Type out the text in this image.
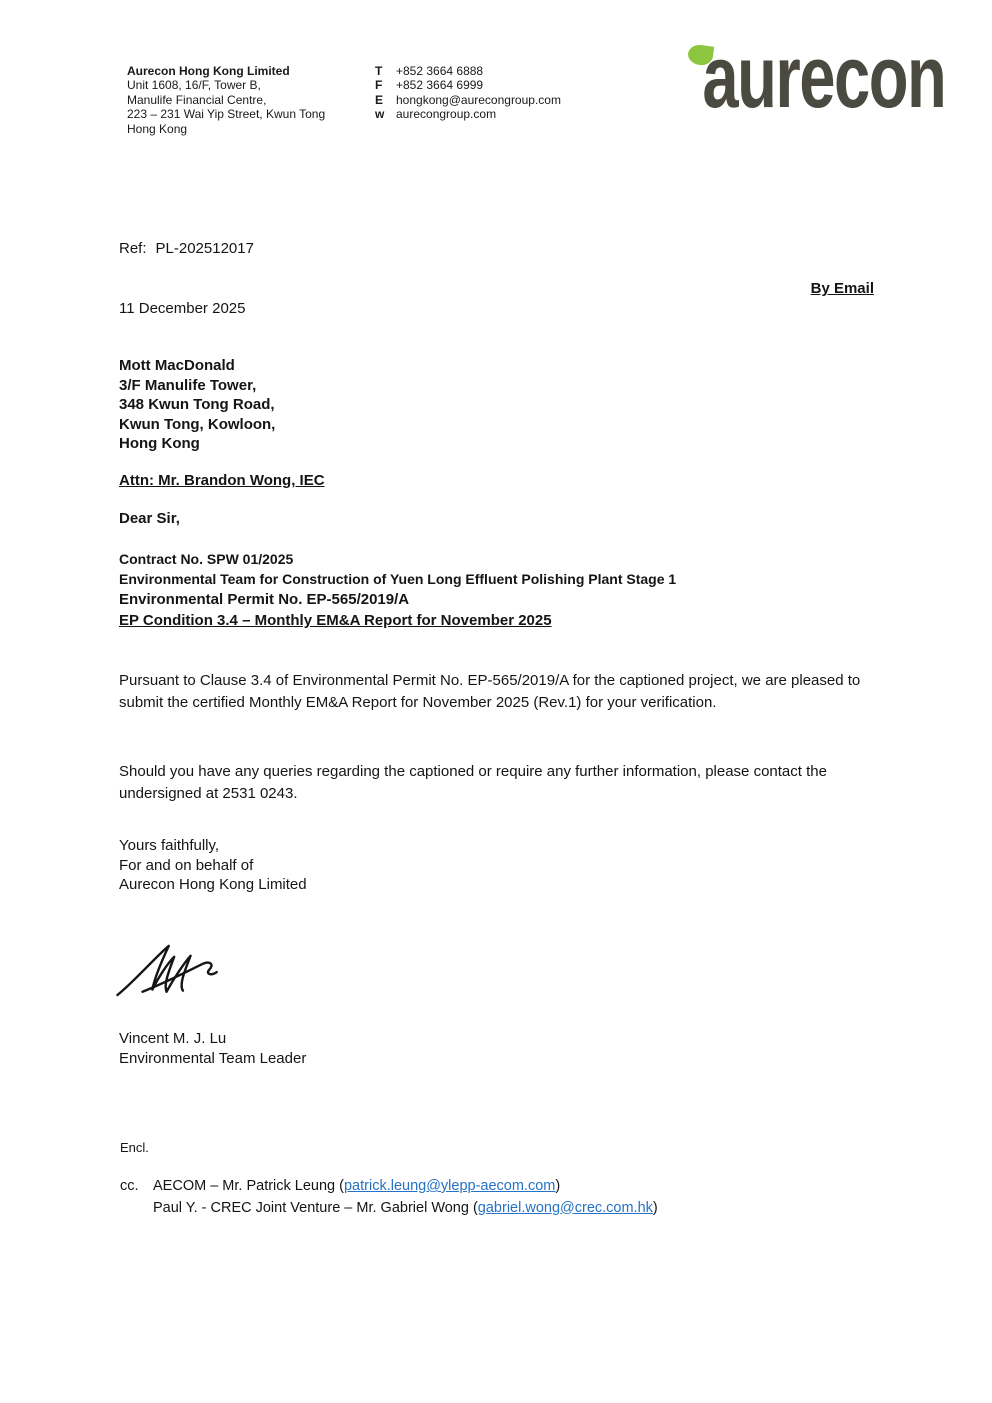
Aurecon Hong Kong Limited
Unit 1608, 16/F, Tower B,
Manulife Financial Centre,
223 – 231 Wai Yip Street, Kwun Tong
Hong Kong
T	+852 3664 6888
F	+852 3664 6999
E	hongkong@aurecongroup.com
w aurecongroup.com aurecon
Ref: PL-202512017
By Email
11 December 2025
Mott MacDonald
3/F Manulife Tower,
348 Kwun Tong Road,
Kwun Tong, Kowloon,
Hong Kong
Attn: Mr. Brandon Wong, IEC
Dear Sir,
Contract No. SPW 01/2025
Environmental Team for Construction of Yuen Long Effluent Polishing Plant Stage 1
Environmental Permit No. EP-565/2019/A
EP Condition 3.4 – Monthly EM&A Report for November 2025
Pursuant to Clause 3.4 of Environmental Permit No. EP-565/2019/A for the captioned project, we are pleased to submit the certified Monthly EM&A Report for November 2025 (Rev.1) for your verification.
Should you have any queries regarding the captioned or require any further information, please contact the undersigned at 2531 0243.
Yours faithfully,
For and on behalf of
Aurecon Hong Kong Limited
Vincent M. J. Lu
Environmental Team Leader
Encl.
cc. AECOM – Mr. Patrick Leung (patrick.leung@ylepp-aecom.com)
Paul Y. - CREC Joint Venture – Mr. Gabriel Wong (gabriel.wong@crec.com.hk)
